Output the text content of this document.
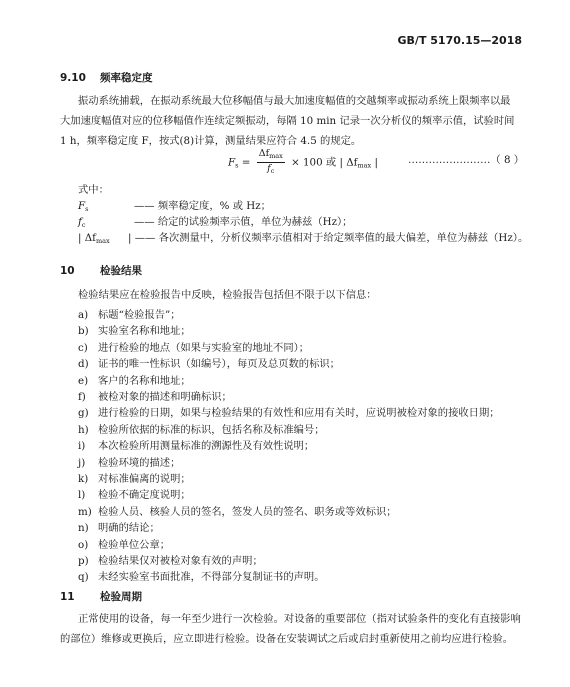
GB/T 5170.15—2018
9.10 频率稳定度
振动系统捕载，在振动系统最大位移幅值与最大加速度幅值的交越频率或振动系统上限频率以最
大加速度幅值对应的位移幅值作连续定频振动，每隔 10 min 记录一次分析仪的频率示值，试验时间
1 h，频率稳定度 F，按式(8)计算，测量结果应符合 4.5 的规定。
$F_s = \frac{\Delta f_{max}}{f_c} \times 100$ 或 | $\Delta f_{max}$ |	……………………（ 8 ）
式中：
$F_s$	—— 频率稳定度，% 或 Hz；
$f_c$	—— 给定的试验频率示值，单位为赫兹（Hz）；
| $\Delta f_{max}$ | —— 各次测量中，分析仪频率示值相对于给定频率值的最大偏差，单位为赫兹（Hz）。
10 检验结果
检验结果应在检验报告中反映，检验报告包括但不限于以下信息：
a) 标题“检验报告”；
b) 实验室名称和地址；
c) 进行检验的地点（如果与实验室的地址不同）；
d) 证书的唯一性标识（如编号），每页及总页数的标识；
e) 客户的名称和地址；
f) 被检对象的描述和明确标识；
g) 进行检验的日期，如果与检验结果的有效性和应用有关时，应说明被检对象的接收日期；
h) 检验所依据的标准的标识，包括名称及标准编号；
i) 本次检验所用测量标准的溯源性及有效性说明；
j) 检验环境的描述；
k) 对标准偏离的说明；
l) 检验不确定度说明；
m) 检验人员、核验人员的签名，签发人员的签名、职务或等效标识；
n) 明确的结论；
o) 检验单位公章；
p) 检验结果仅对被检对象有效的声明；
q) 未经实验室书面批准，不得部分复制证书的声明。
11 检验周期
正常使用的设备，每一年至少进行一次检验。对设备的重要部位（指对试验条件的变化有直接影响
的部位）维修或更换后，应立即进行检验。设备在安装调试之后或启封重新使用之前均应进行检验。
